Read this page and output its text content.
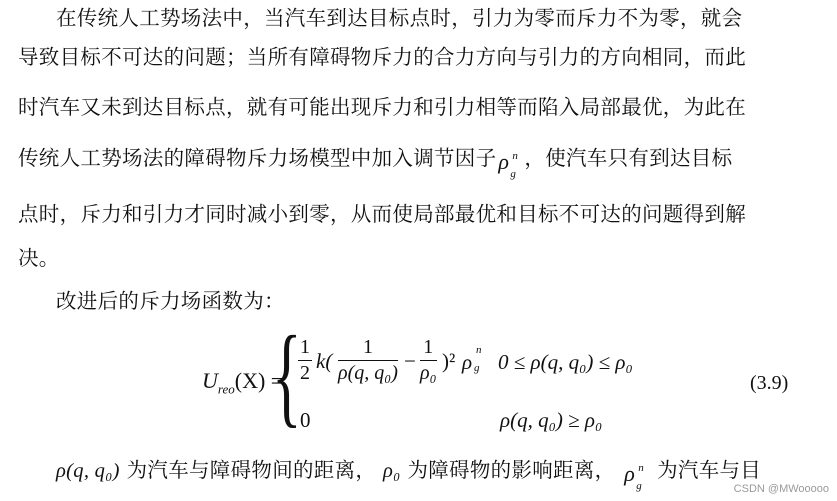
在传统人工势场法中，当汽车到达目标点时，引力为零而斥力不为零，就会
导致目标不可达的问题；当所有障碍物斥力的合力方向与引力的方向相同，而此
时汽车又未到达目标点，就有可能出现斥力和引力相等而陷入局部最优，为此在
传统人工势场法的障碍物斥力场模型中加入调节因子 ρ n
g
，使汽车只有到达目标
点时，斥力和引力才同时减小到零，从而使局部最优和目标不可达的问题得到解
决。
改进后的斥力场函数为：
$U_{reo}(X)$ =
{
$\frac{1}{2} k( \frac{1}{\text{ρ(q, q₀)}} - \frac{1}{\text{ρ₀}} )^2$ ρ n
g 0 ≤ ρ(q, q₀) ≤ ρ₀
0	ρ(q, q₀) ≥ ρ₀
(3.9)
ρ(q, q₀) 为汽车与障碍物间的距离， ρ₀ 为障碍物的影响距离， ρ n
g
为汽车与目
CSDN @MWooooo
